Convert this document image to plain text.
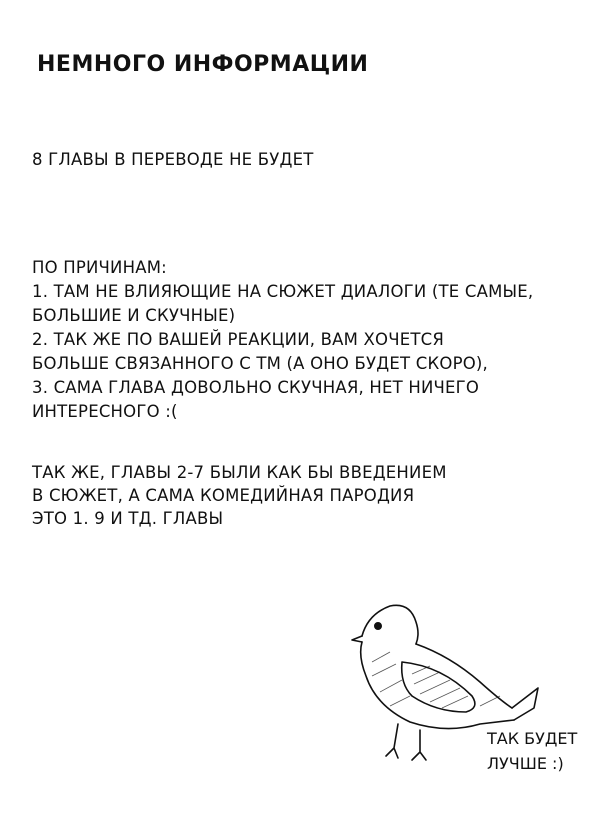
НЕМНОГО ИНФОРМАЦИИ
8 ГЛАВЫ В ПЕРЕВОДЕ НЕ БУДЕТ
ПО ПРИЧИНАМ:
1. ТАМ НЕ ВЛИЯЮЩИЕ НА СЮЖЕТ ДИАЛОГИ (ТЕ САМЫЕ,
БОЛЬШИЕ И СКУЧНЫЕ)
2. ТАК ЖЕ ПО ВАШЕЙ РЕАКЦИИ, ВАМ ХОЧЕТСЯ
БОЛЬШЕ СВЯЗАННОГО С ТМ (А ОНО БУДЕТ СКОРО),
3. САМА ГЛАВА ДОВОЛЬНО СКУЧНАЯ, НЕТ НИЧЕГО
ИНТЕРЕСНОГО :(
ТАК ЖЕ, ГЛАВЫ 2-7 БЫЛИ КАК БЫ ВВЕДЕНИЕМ
В СЮЖЕТ, А САМА КОМЕДИЙНАЯ ПАРОДИЯ
ЭТО 1. 9 И ТД. ГЛАВЫ
ТАК БУДЕТ
ЛУЧШЕ :)
